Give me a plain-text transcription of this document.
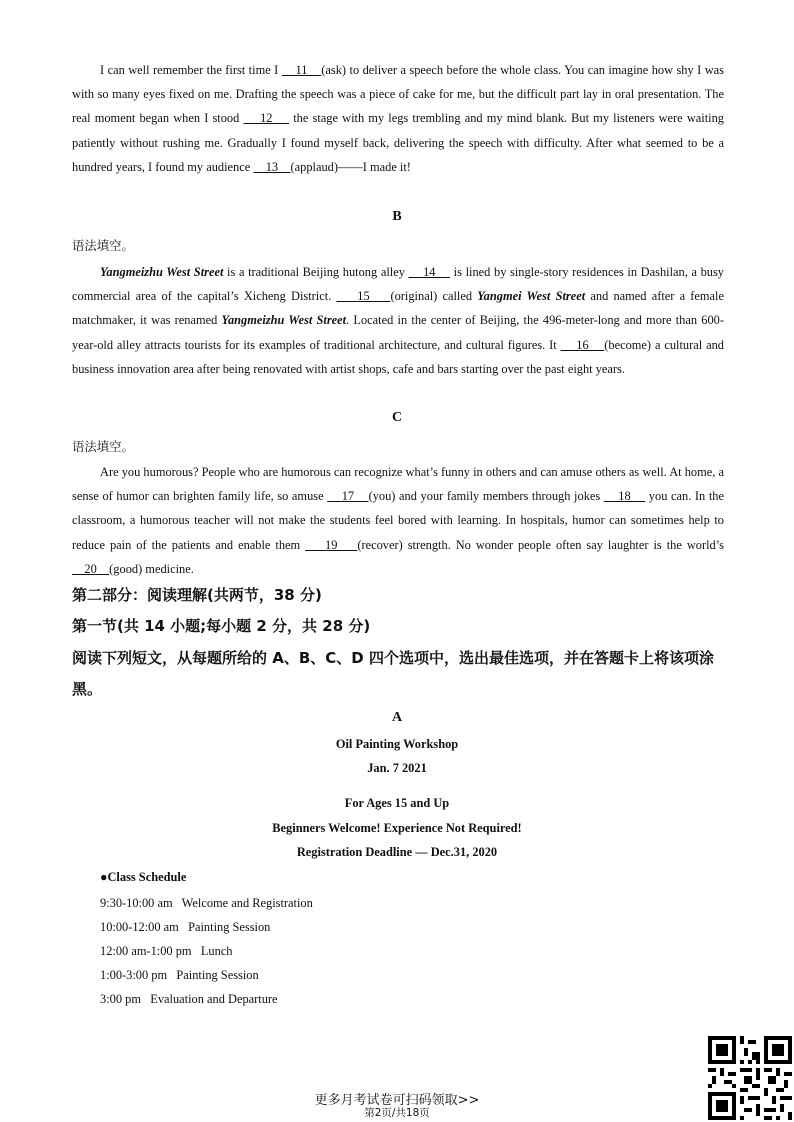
I can well remember the first time I     11    (ask) to deliver a speech before the whole class. You can imagine how shy I was with so many eyes fixed on me. Drafting the speech was a piece of cake for me, but the difficult part lay in oral presentation. The real moment began when I stood     12     the stage with my legs trembling and my mind blank. But my listeners were waiting patiently without rushing me. Gradually I found myself back, delivering the speech with difficulty. After what seemed to be a hundred years, I found my audience     13    (applaud)——I made it!
B
语法填空。
Yangmeizhu West Street is a traditional Beijing hutong alley     14     is lined by single-story residences in Dashilan, a busy commercial area of the capital’s Xicheng District.     15    (original) called Yangmei West Street and named after a female matchmaker, it was renamed Yangmeizhu West Street. Located in the center of Beijing, the 496-meter-long and more than 600-year-old alley attracts tourists for its examples of traditional architecture, and cultural figures. It     16    (become) a cultural and business innovation area after being renovated with artist shops, cafe and bars starting over the past eight years.
C
语法填空。
Are you humorous? People who are humorous can recognize what’s funny in others and can amuse others as well. At home, a sense of humor can brighten family life, so amuse     17    (you) and your family members through jokes     18     you can. In the classroom, a humorous teacher will not make the students feel bored with learning. In hospitals, humor can sometimes help to reduce pain of the patients and enable them     19    (recover) strength. No wonder people often say laughter is the world’s     20    (good) medicine.
第二部分：阅读理解(共两节，38 分)
第一节(共 14 小题;每小题 2 分，共 28 分)
阅读下列短文，从每题所给的 A、B、C、D 四个选项中，选出最佳选项，并在答题卡上将该项涂黑。
A
Oil Painting Workshop
Jan. 7 2021
For Ages 15 and Up
Beginners Welcome! Experience Not Required!
Registration Deadline — Dec.31, 2020
●Class Schedule
9:30-10:00 am   Welcome and Registration
10:00-12:00 am   Painting Session
12:00 am-1:00 pm   Lunch
1:00-3:00 pm   Painting Session
3:00 pm   Evaluation and Departure
更多月考试卷可扫码领取>>
第2页/共18页
